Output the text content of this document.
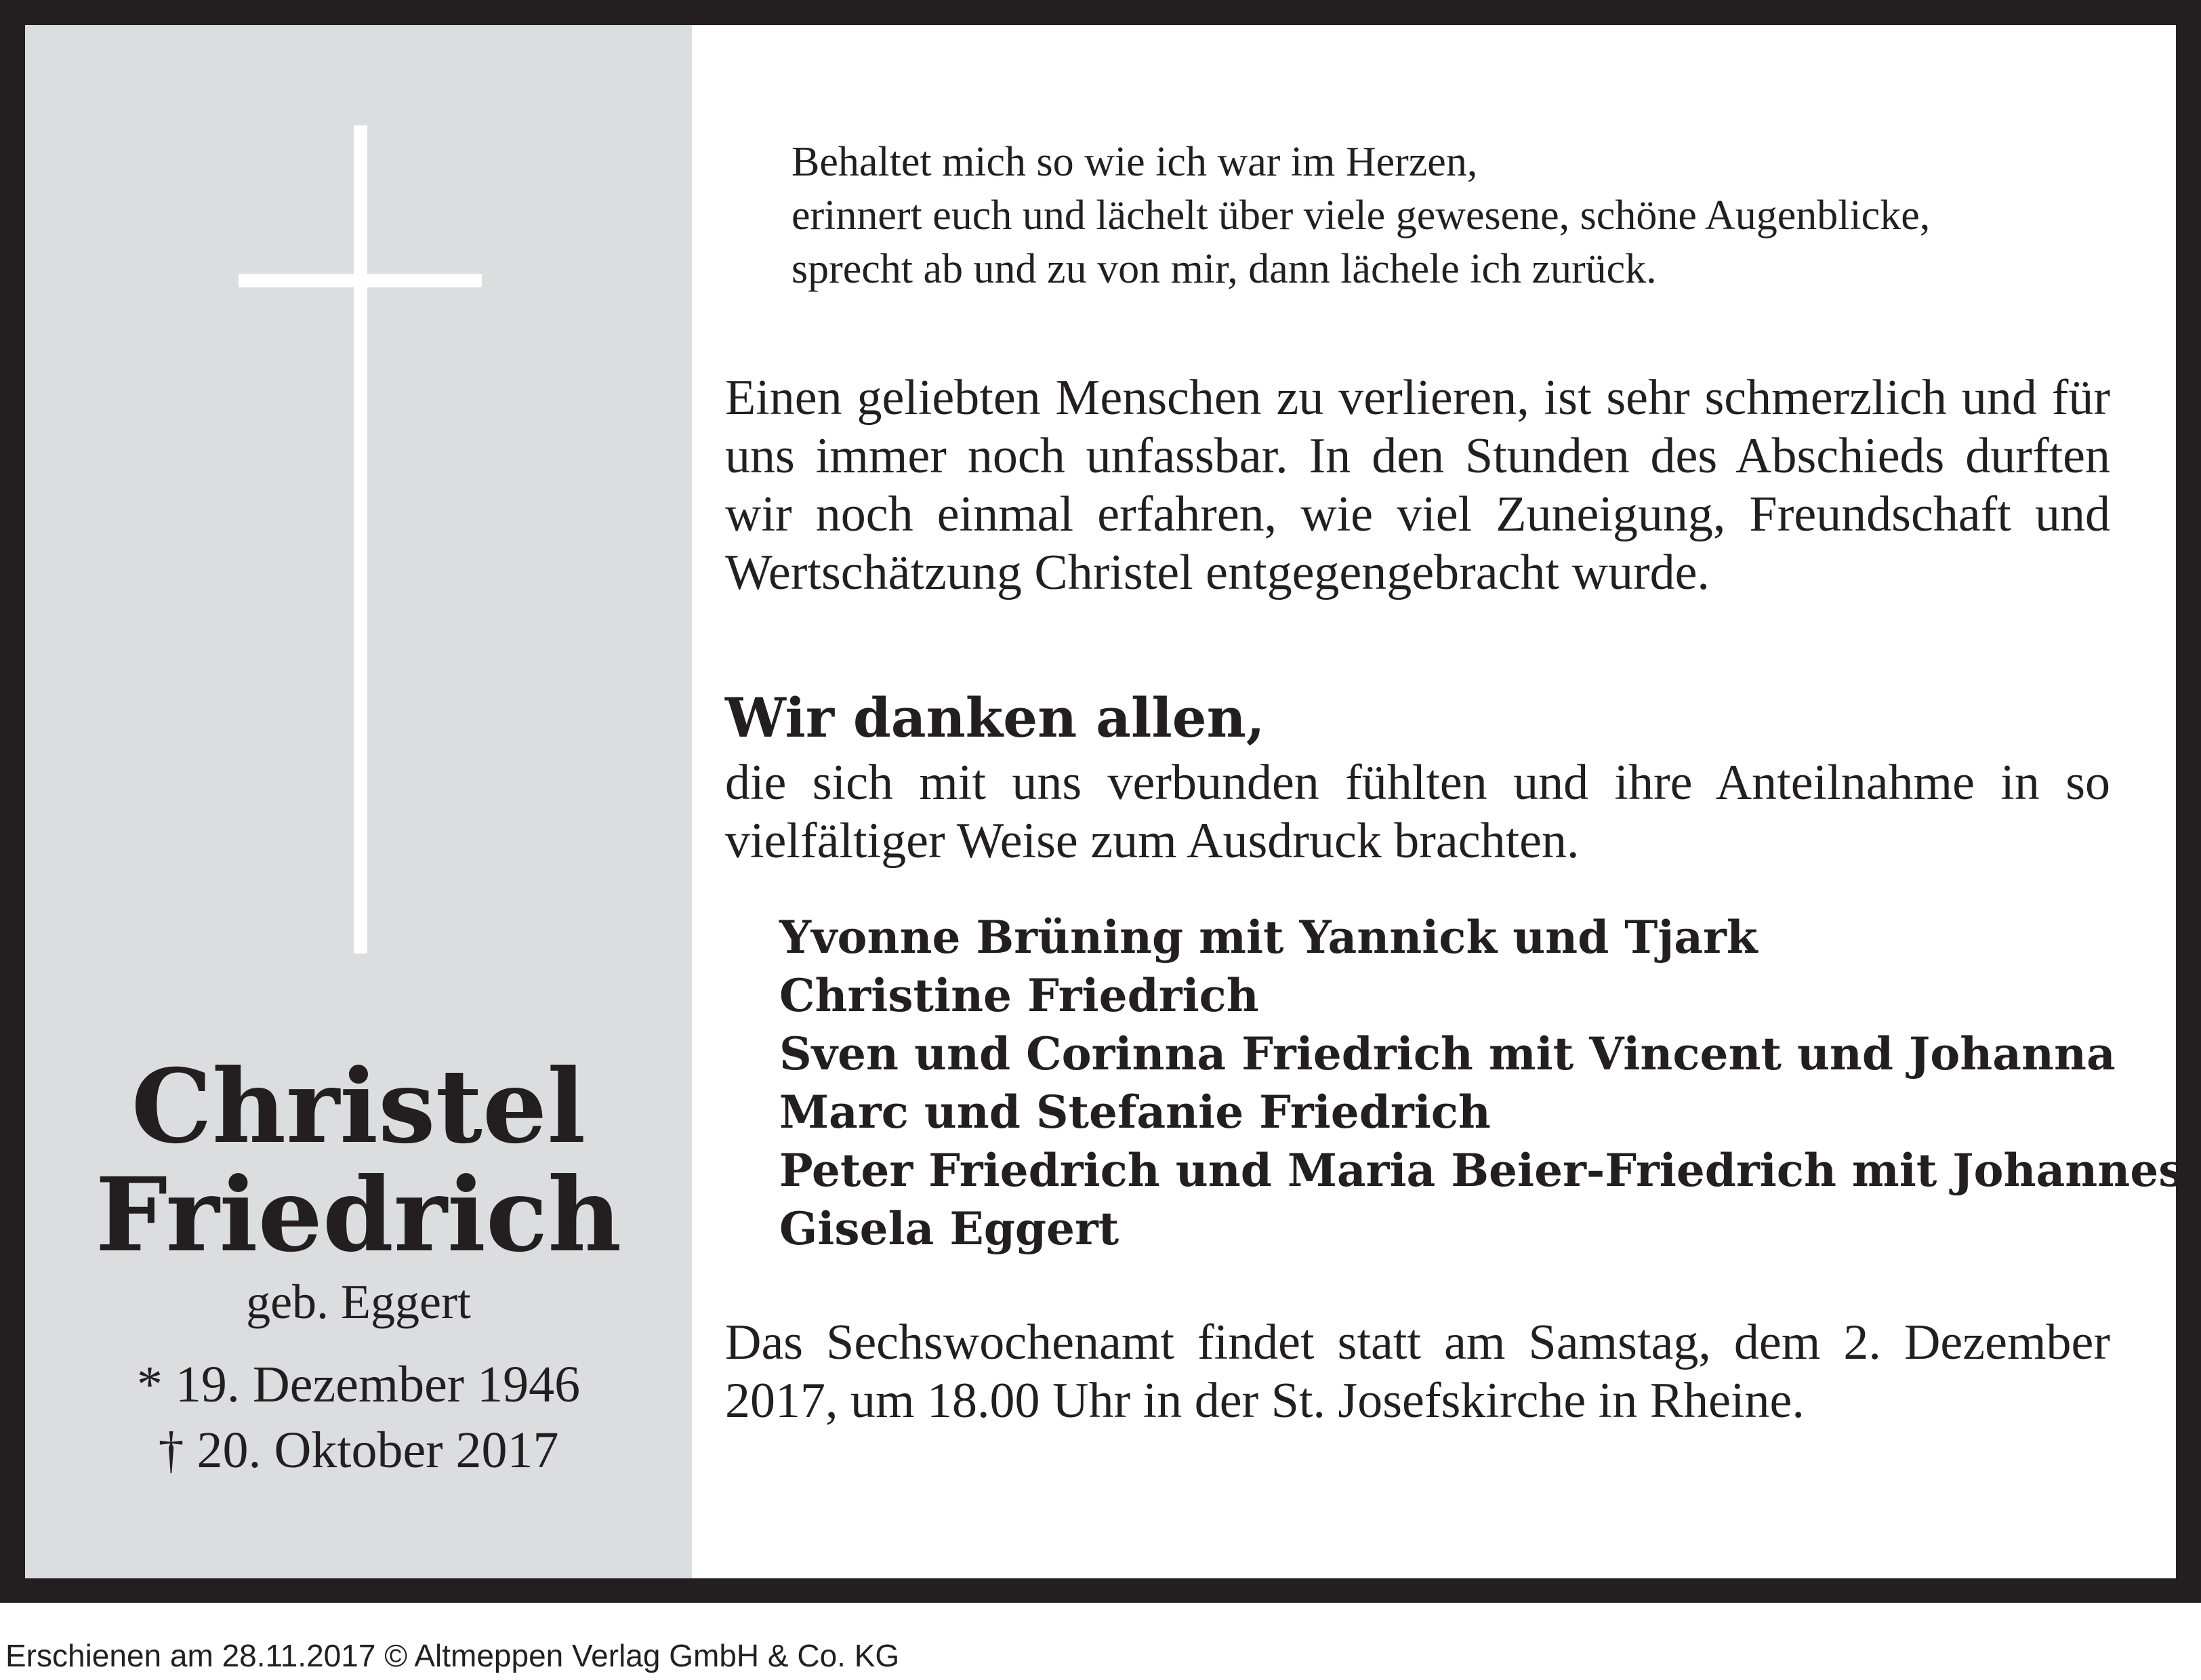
Christel
Friedrich

geb. Eggert

* 19. Dezember 1946

† 20. Oktober 2017

Behaltet mich so wie ich war im Herzen,
erinnert euch und lächelt über viele gewesene, schöne Augenblicke,
sprecht ab und zu von mir, dann lächele ich zurück.

Einen geliebten Menschen zu verlieren, ist sehr schmerzlich und für uns immer noch unfassbar. In den Stunden des Abschieds durften wir noch einmal erfahren, wie viel Zuneigung, Freundschaft und Wertschätzung Christel entgegengebracht wurde.

Wir danken allen,

die sich mit uns verbunden fühlten und ihre Anteilnahme in so vielfältiger Weise zum Ausdruck brachten.

Yvonne Brüning mit Yannick und Tjark
Christine Friedrich
Sven und Corinna Friedrich mit Vincent und Johanna
Marc und Stefanie Friedrich
Peter Friedrich und Maria Beier-Friedrich mit Johannes
Gisela Eggert

Das Sechswochenamt findet statt am Samstag, dem 2. Dezember 2017, um 18.00 Uhr in der St. Josefskirche in Rheine.

Erschienen am 28.11.2017 © Altmeppen Verlag GmbH & Co. KG
